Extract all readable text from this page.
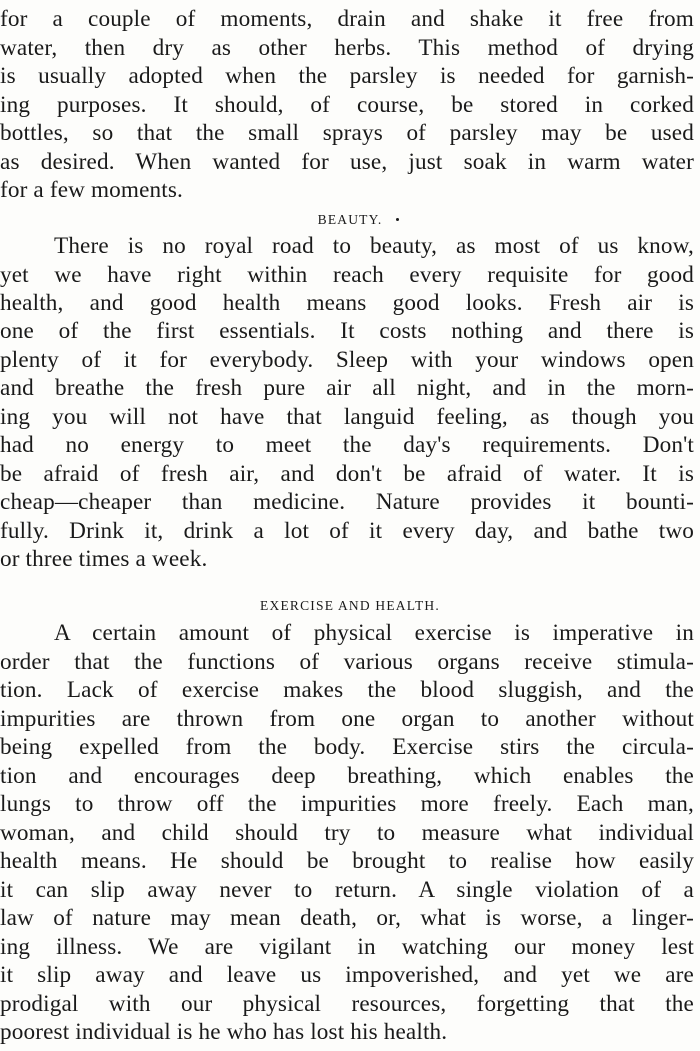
for a couple of moments, drain and shake it free from
water, then dry as other herbs. This method of drying
is usually adopted when the parsley is needed for garnish-
ing purposes. It should, of course, be stored in corked
bottles, so that the small sprays of parsley may be used
as desired. When wanted for use, just soak in warm water
for a few moments.
BEAUTY.
There is no royal road to beauty, as most of us know,
yet we have right within reach every requisite for good
health, and good health means good looks. Fresh air is
one of the first essentials. It costs nothing and there is
plenty of it for everybody. Sleep with your windows open
and breathe the fresh pure air all night, and in the morn-
ing you will not have that languid feeling, as though you
had no energy to meet the day's requirements. Don't
be afraid of fresh air, and don't be afraid of water. It is
cheap—cheaper than medicine. Nature provides it bounti-
fully. Drink it, drink a lot of it every day, and bathe two
or three times a week.
EXERCISE AND HEALTH.
A certain amount of physical exercise is imperative in
order that the functions of various organs receive stimula-
tion. Lack of exercise makes the blood sluggish, and the
impurities are thrown from one organ to another without
being expelled from the body. Exercise stirs the circula-
tion and encourages deep breathing, which enables the
lungs to throw off the impurities more freely. Each man,
woman, and child should try to measure what individual
health means. He should be brought to realise how easily
it can slip away never to return. A single violation of a
law of nature may mean death, or, what is worse, a linger-
ing illness. We are vigilant in watching our money lest
it slip away and leave us impoverished, and yet we are
prodigal with our physical resources, forgetting that the
poorest individual is he who has lost his health.
